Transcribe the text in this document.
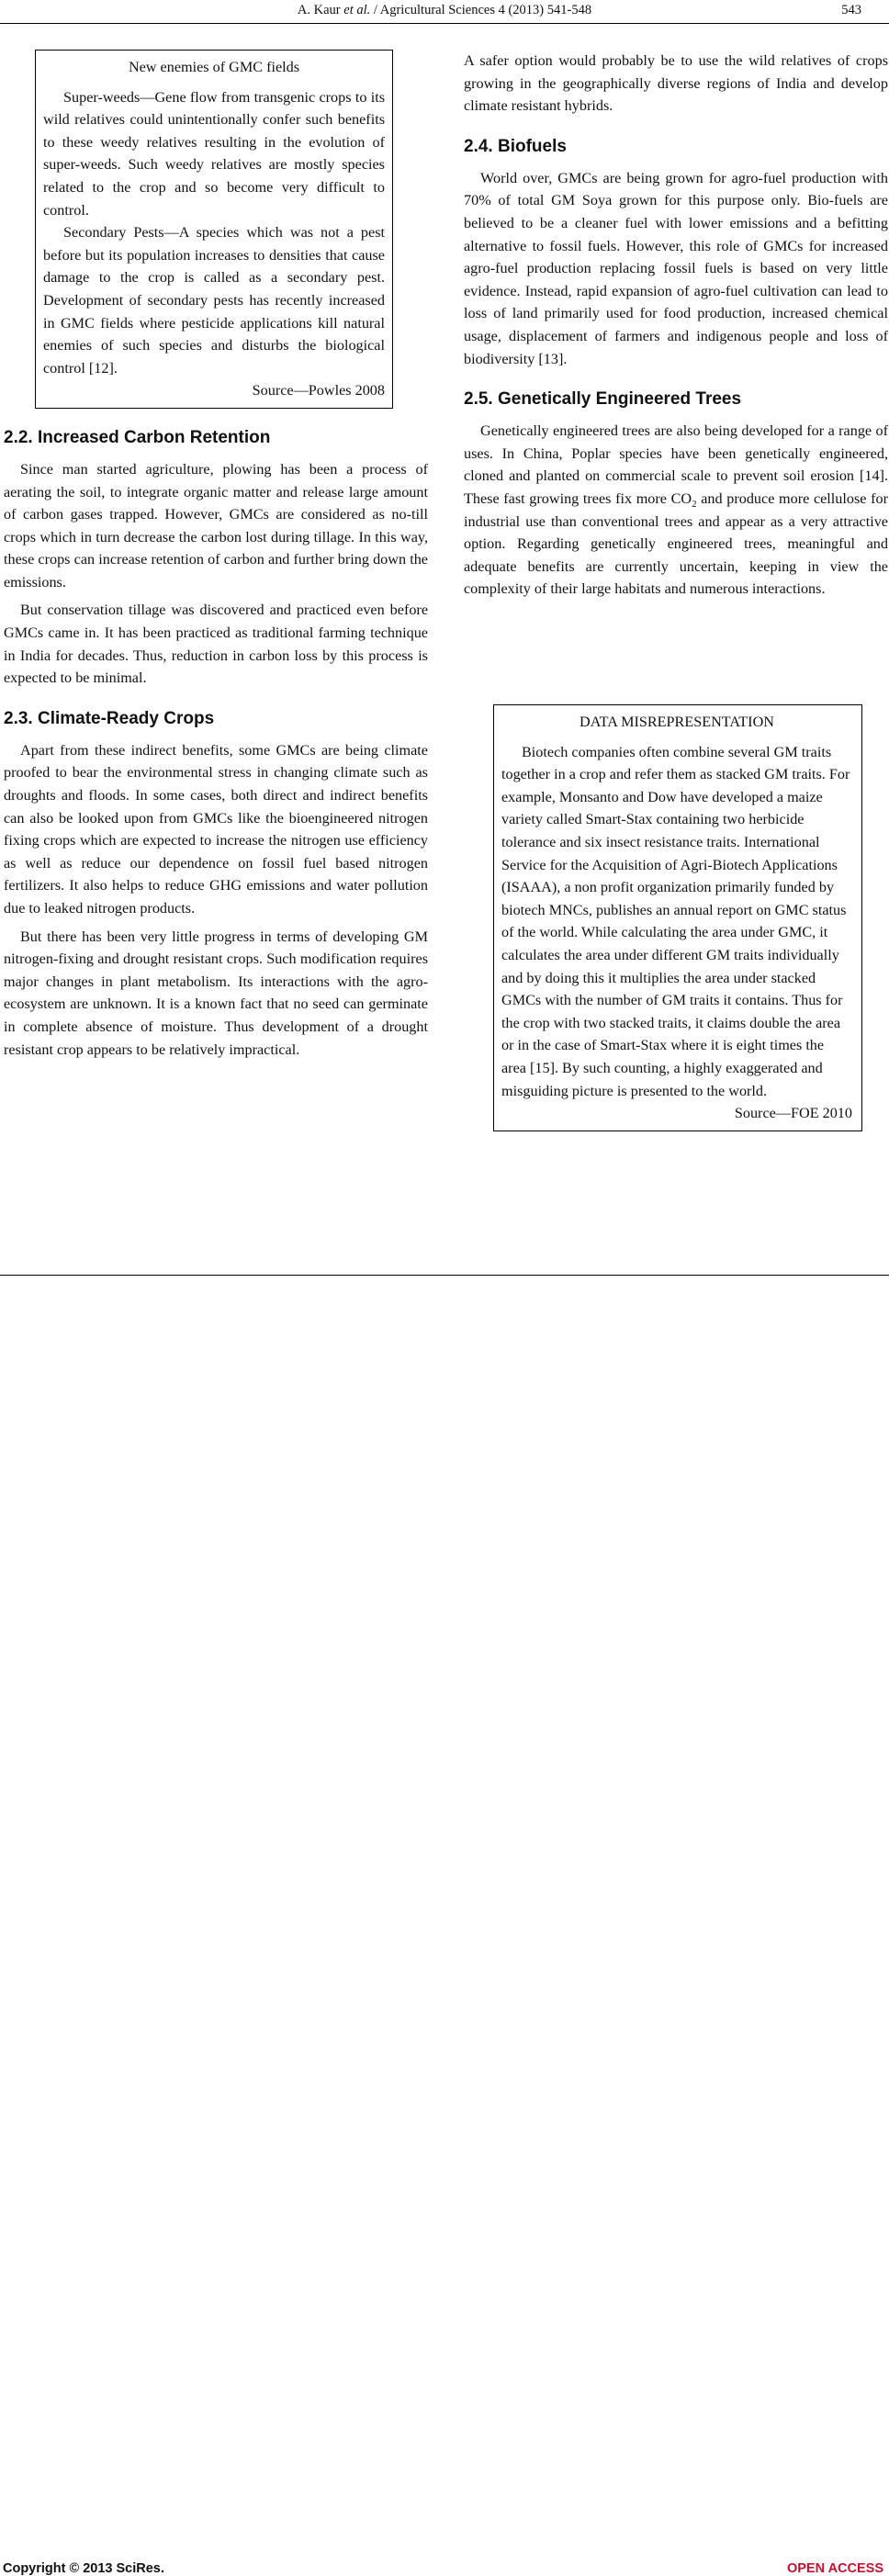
A. Kaur et al. / Agricultural Sciences 4 (2013) 541-548	543
New enemies of GMC fields

Super-weeds—Gene flow from transgenic crops to its wild relatives could unintentionally confer such benefits to these weedy relatives resulting in the evolution of super-weeds. Such weedy relatives are mostly species related to the crop and so become very difficult to control.

Secondary Pests—A species which was not a pest before but its population increases to densities that cause damage to the crop is called as a secondary pest. Development of secondary pests has recently increased in GMC fields where pesticide applications kill natural enemies of such species and disturbs the biological control [12].

Source—Powles 2008
2.2. Increased Carbon Retention

Since man started agriculture, plowing has been a process of aerating the soil, to integrate organic matter and release large amount of carbon gases trapped. However, GMCs are considered as no-till crops which in turn decrease the carbon lost during tillage. In this way, these crops can increase retention of carbon and further bring down the emissions.

But conservation tillage was discovered and practiced even before GMCs came in. It has been practiced as traditional farming technique in India for decades. Thus, reduction in carbon loss by this process is expected to be minimal.

2.3. Climate-Ready Crops

Apart from these indirect benefits, some GMCs are being climate proofed to bear the environmental stress in changing climate such as droughts and floods. In some cases, both direct and indirect benefits can also be looked upon from GMCs like the bioengineered nitrogen fixing crops which are expected to increase the nitrogen use efficiency as well as reduce our dependence on fossil fuel based nitrogen fertilizers. It also helps to reduce GHG emissions and water pollution due to leaked nitrogen products.

But there has been very little progress in terms of developing GM nitrogen-fixing and drought resistant crops. Such modification requires major changes in plant metabolism. Its interactions with the agro-ecosystem are unknown. It is a known fact that no seed can germinate in complete absence of moisture. Thus development of a drought resistant crop appears to be relatively impractical.

A safer option would probably be to use the wild relatives of crops growing in the geographically diverse regions of India and develop climate resistant hybrids.

2.4. Biofuels

World over, GMCs are being grown for agro-fuel production with 70% of total GM Soya grown for this purpose only. Bio-fuels are believed to be a cleaner fuel with lower emissions and a befitting alternative to fossil fuels. However, this role of GMCs for increased agro-fuel production replacing fossil fuels is based on very little evidence. Instead, rapid expansion of agro-fuel cultivation can lead to loss of land primarily used for food production, increased chemical usage, displacement of farmers and indigenous people and loss of biodiversity [13].

2.5. Genetically Engineered Trees

Genetically engineered trees are also being developed for a range of uses. In China, Poplar species have been genetically engineered, cloned and planted on commercial scale to prevent soil erosion [14]. These fast growing trees fix more $CO_2$ and produce more cellulose for industrial use than conventional trees and appear as a very attractive option. Regarding genetically engineered trees, meaningful and adequate benefits are currently uncertain, keeping in view the complexity of their large habitats and numerous interactions.

DATA MISREPRESENTATION

Biotech companies often combine several GM traits together in a crop and refer them as stacked GM traits. For example, Monsanto and Dow have developed a maize variety called Smart-Stax containing two herbicide tolerance and six insect resistance traits. International Service for the Acquisition of Agri-Biotech Applications (ISAAA), a non profit organization primarily funded by biotech MNCs, publishes an annual report on GMC status of the world. While calculating the area under GMC, it calculates the area under different GM traits individually and by doing this it multiplies the area under stacked GMCs with the number of GM traits it contains. Thus for the crop with two stacked traits, it claims double the area or in the case of Smart-Stax where it is eight times the area [15]. By such counting, a highly exaggerated and misguiding picture is presented to the world.

Source—FOE 2010
Copyright © 2013 SciRes.	OPEN ACCESS
